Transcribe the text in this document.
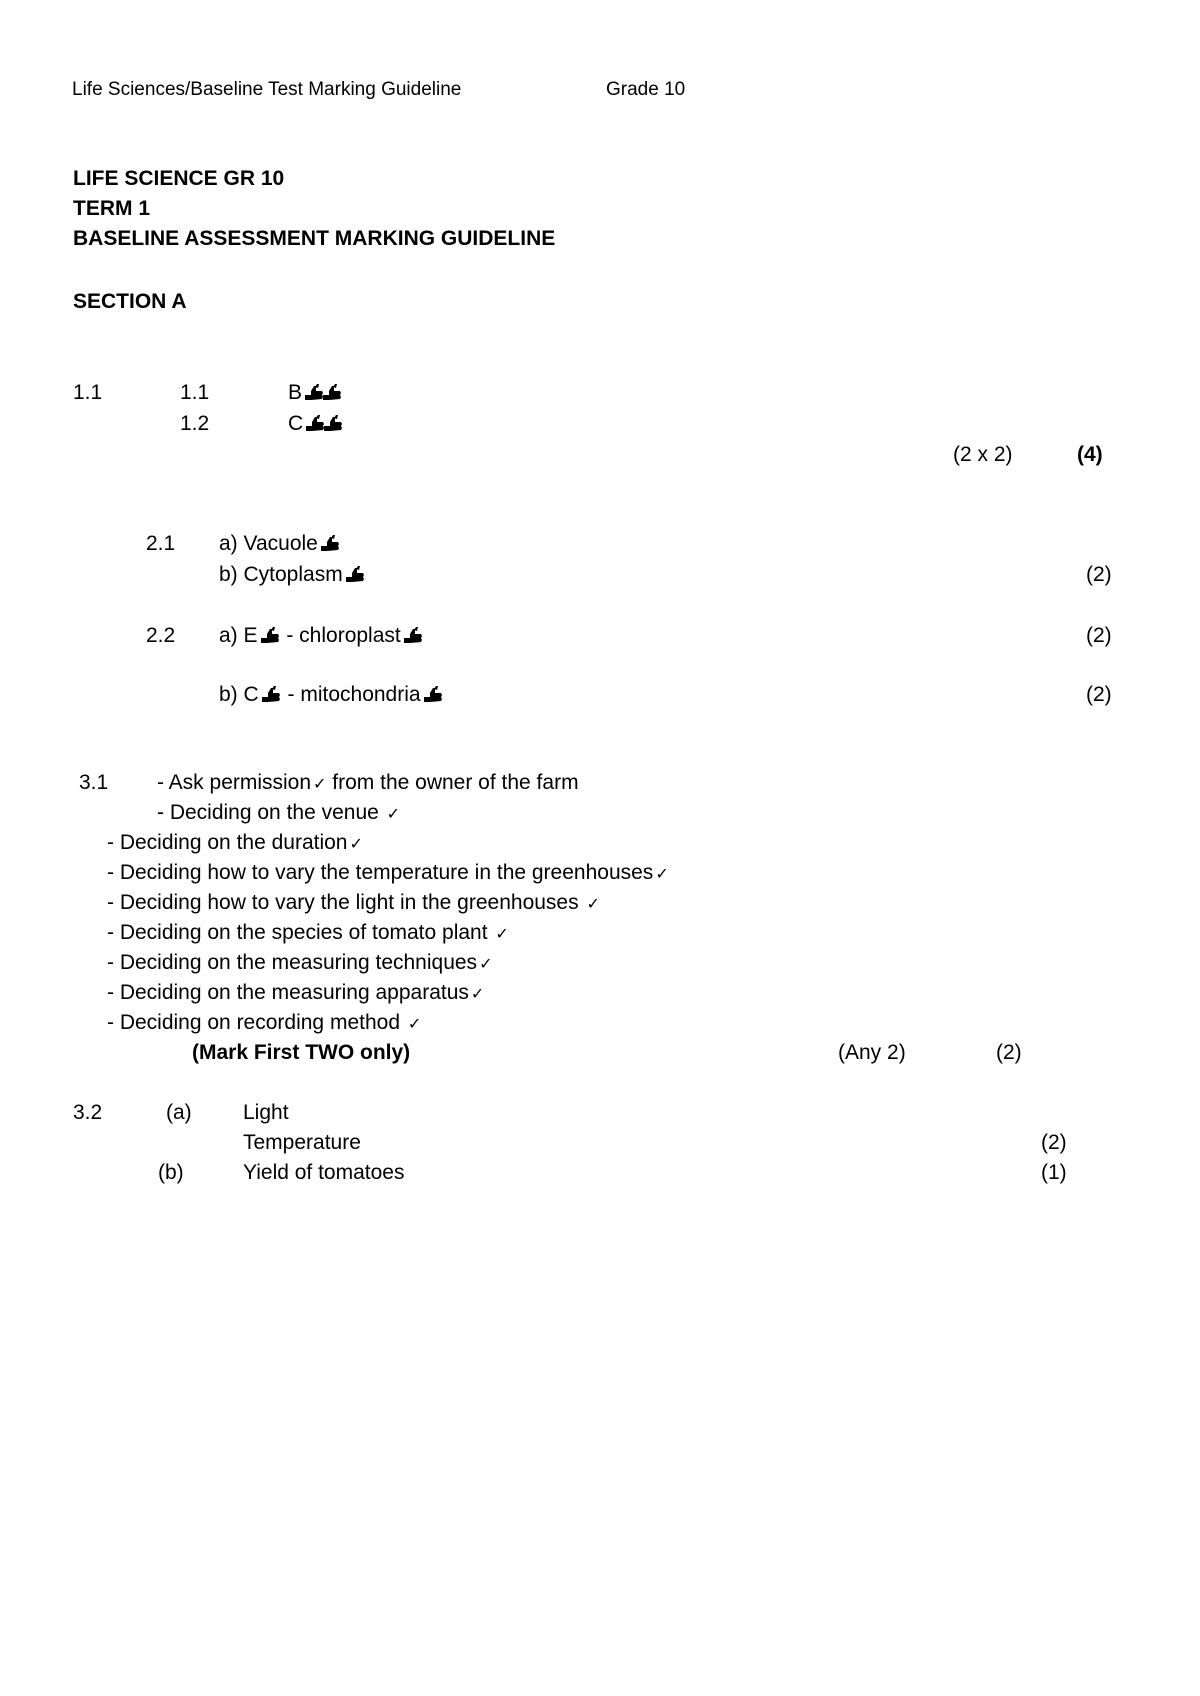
Life Sciences/Baseline Test Marking Guideline	Grade 10
LIFE SCIENCE GR 10
TERM 1
BASELINE ASSESSMENT MARKING GUIDELINE
SECTION A
1.1	1.1	B
1.2	C
(2 x 2)	(4)
2.1 a) Vacuole
b) Cytoplasm	(2)
2.2 a) E - chloroplast	(2)
b) C - mitochondria	(2)
3.1 - Ask permission ✓ from the owner of the farm
- Deciding on the venue ✓
- Deciding on the duration ✓
- Deciding how to vary the temperature in the greenhouses ✓
- Deciding how to vary the light in the greenhouses ✓
- Deciding on the species of tomato plant ✓
- Deciding on the measuring techniques ✓
- Deciding on the measuring apparatus ✓
- Deciding on recording method ✓
(Mark First TWO only)	(Any 2)	(2)
3.2	(a) Light
Temperature	(2)
(b)	Yield of tomatoes	(1)
